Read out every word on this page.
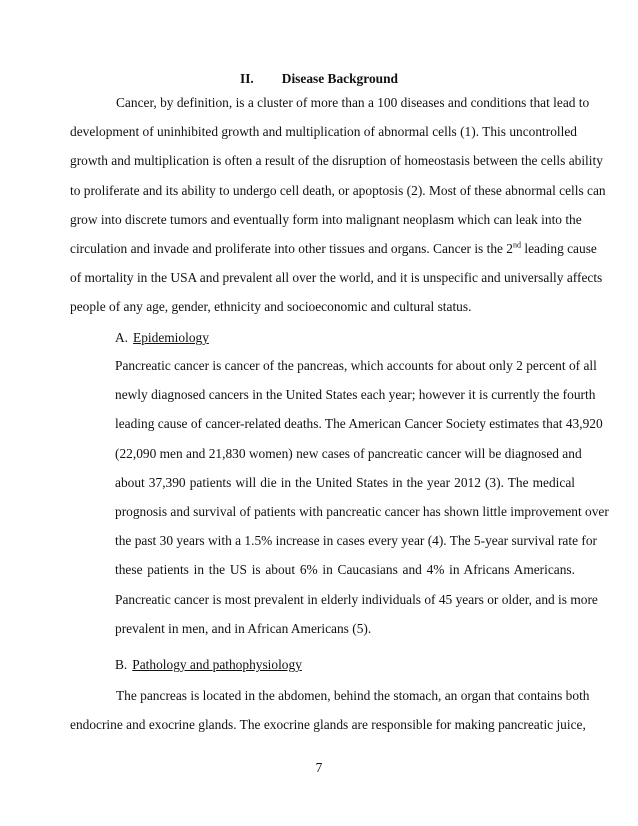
II. Disease Background
Cancer, by definition, is a cluster of more than a 100 diseases and conditions that lead to
development of uninhibited growth and multiplication of abnormal cells (1). This uncontrolled
growth and multiplication is often a result of the disruption of homeostasis between the cells ability
to proliferate and its ability to undergo cell death, or apoptosis (2). Most of these abnormal cells can
grow into discrete tumors and eventually form into malignant neoplasm which can leak into the
circulation and invade and proliferate into other tissues and organs. Cancer is the 2nd leading cause
of mortality in the USA and prevalent all over the world, and it is unspecific and universally affects
people of any age, gender, ethnicity and socioeconomic and cultural status.
A. Epidemiology
Pancreatic cancer is cancer of the pancreas, which accounts for about only 2 percent of all
newly diagnosed cancers in the United States each year; however it is currently the fourth
leading cause of cancer-related deaths. The American Cancer Society estimates that 43,920
(22,090 men and 21,830 women) new cases of pancreatic cancer will be diagnosed and
about 37,390 patients will die in the United States in the year 2012 (3). The medical
prognosis and survival of patients with pancreatic cancer has shown little improvement over
the past 30 years with a 1.5% increase in cases every year (4). The 5-year survival rate for
these patients in the US is about 6% in Caucasians and 4% in Africans Americans.
Pancreatic cancer is most prevalent in elderly individuals of 45 years or older, and is more
prevalent in men, and in African Americans (5).
B. Pathology and pathophysiology
The pancreas is located in the abdomen, behind the stomach, an organ that contains both
endocrine and exocrine glands. The exocrine glands are responsible for making pancreatic juice,
7
